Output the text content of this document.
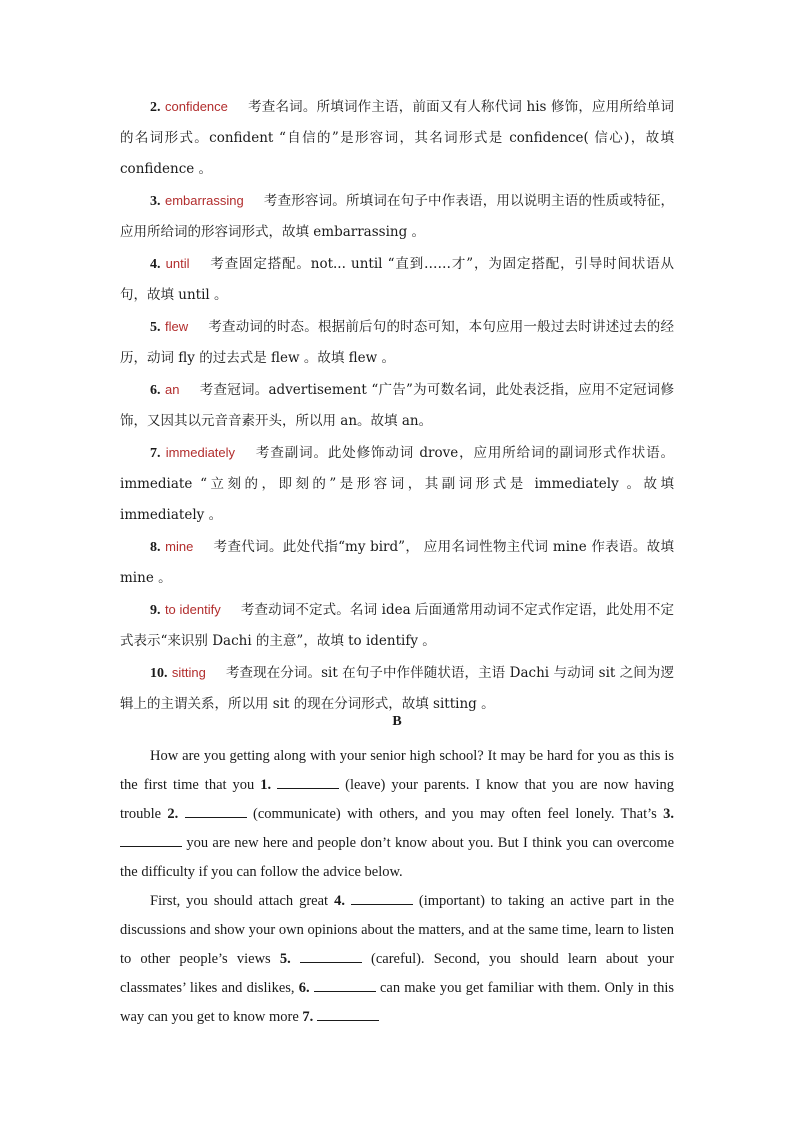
2. confidence 考查名词。所填词作主语，前面又有人称代词 his 修饰，应用所给单词的名词形式。confident “自信的”是形容词，其名词形式是 confidence( 信心)，故填 confidence 。

3. embarrassing 考查形容词。所填词在句子中作表语，用以说明主语的性质或特征，应用所给词的形容词形式，故填 embarrassing 。

4. until 考查固定搭配。not... until “直到……才”，为固定搭配，引导时间状语从句，故填 until 。

5. flew 考查动词的时态。根据前后句的时态可知，本句应用一般过去时讲述过去的经历，动词 fly 的过去式是 flew 。故填 flew 。

6. an 考查冠词。advertisement “广告”为可数名词，此处表泛指，应用不定冠词修饰，又因其以元音音素开头，所以用 an。故填 an。

7. immediately 考查副词。此处修饰动词 drove，应用所给词的副词形式作状语。immediate “立刻的，即刻的”是形容词，其副词形式是 immediately 。故填 immediately 。

8. mine 考查代词。此处代指“my bird”， 应用名词性物主代词 mine 作表语。故填 mine 。

9. to identify 考查动词不定式。名词 idea 后面通常用动词不定式作定语，此处用不定式表示“来识别 Dachi 的主意”，故填 to identify 。

10. sitting 考查现在分词。sit 在句子中作伴随状语，主语 Dachi 与动词 sit 之间为逻辑上的主谓关系，所以用 sit 的现在分词形式，故填 sitting 。

B

How are you getting along with your senior high school? It may be hard for you as this is the first time that you 1.	(leave) your parents. I know that you are now having trouble 2.	(communicate) with others, and you may often feel lonely. That’s 3.  you are new here and people don’t know about you. But I think you can overcome the difficulty if you can follow the advice below.

First, you should attach great 4.	(important) to taking an active part in the discussions and show your own opinions about the matters, and at the same time, learn to listen to other people’s views 5.	(careful). Second, you should learn about your classmates’ likes and dislikes, 6.	can make you get familiar with them. Only in this way can you get to know more 7.
